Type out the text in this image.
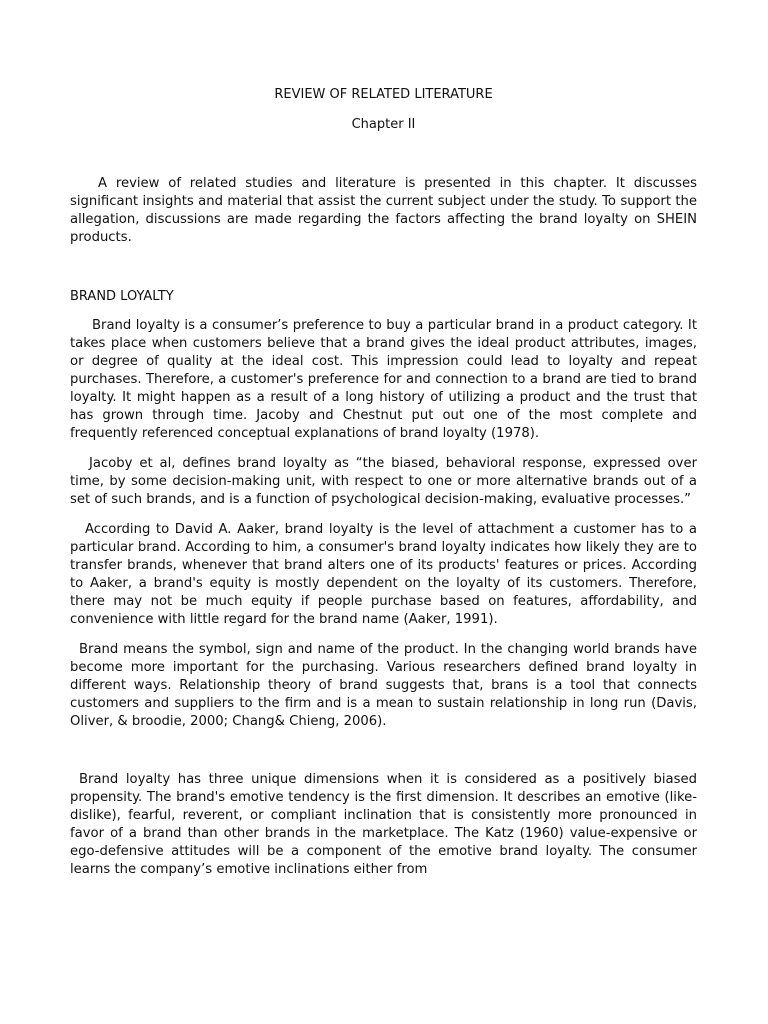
REVIEW OF RELATED LITERATURE

Chapter II

A review of related studies and literature is presented in this chapter. It discusses significant insights and material that assist the current subject under the study. To support the allegation, discussions are made regarding the factors affecting the brand loyalty on SHEIN products.

BRAND LOYALTY

Brand loyalty is a consumer’s preference to buy a particular brand in a product category. It takes place when customers believe that a brand gives the ideal product attributes, images, or degree of quality at the ideal cost. This impression could lead to loyalty and repeat purchases. Therefore, a customer's preference for and connection to a brand are tied to brand loyalty. It might happen as a result of a long history of utilizing a product and the trust that has grown through time. Jacoby and Chestnut put out one of the most complete and frequently referenced conceptual explanations of brand loyalty (1978).

Jacoby et al, defines brand loyalty as “the biased, behavioral response, expressed over time, by some decision-making unit, with respect to one or more alternative brands out of a set of such brands, and is a function of psychological decision-making, evaluative processes.”

According to David A. Aaker, brand loyalty is the level of attachment a customer has to a particular brand. According to him, a consumer's brand loyalty indicates how likely they are to transfer brands, whenever that brand alters one of its products' features or prices. According to Aaker, a brand's equity is mostly dependent on the loyalty of its customers. Therefore, there may not be much equity if people purchase based on features, affordability, and convenience with little regard for the brand name (Aaker, 1991).

Brand means the symbol, sign and name of the product. In the changing world brands have become more important for the purchasing. Various researchers defined brand loyalty in different ways. Relationship theory of brand suggests that, brans is a tool that connects customers and suppliers to the firm and is a mean to sustain relationship in long run (Davis, Oliver, & broodie, 2000; Chang& Chieng, 2006).

Brand loyalty has three unique dimensions when it is considered as a positively biased propensity. The brand's emotive tendency is the first dimension. It describes an emotive (like-dislike), fearful, reverent, or compliant inclination that is consistently more pronounced in favor of a brand than other brands in the marketplace. The Katz (1960) value-expensive or ego-defensive attitudes will be a component of the emotive brand loyalty. The consumer learns the company’s emotive inclinations either from
